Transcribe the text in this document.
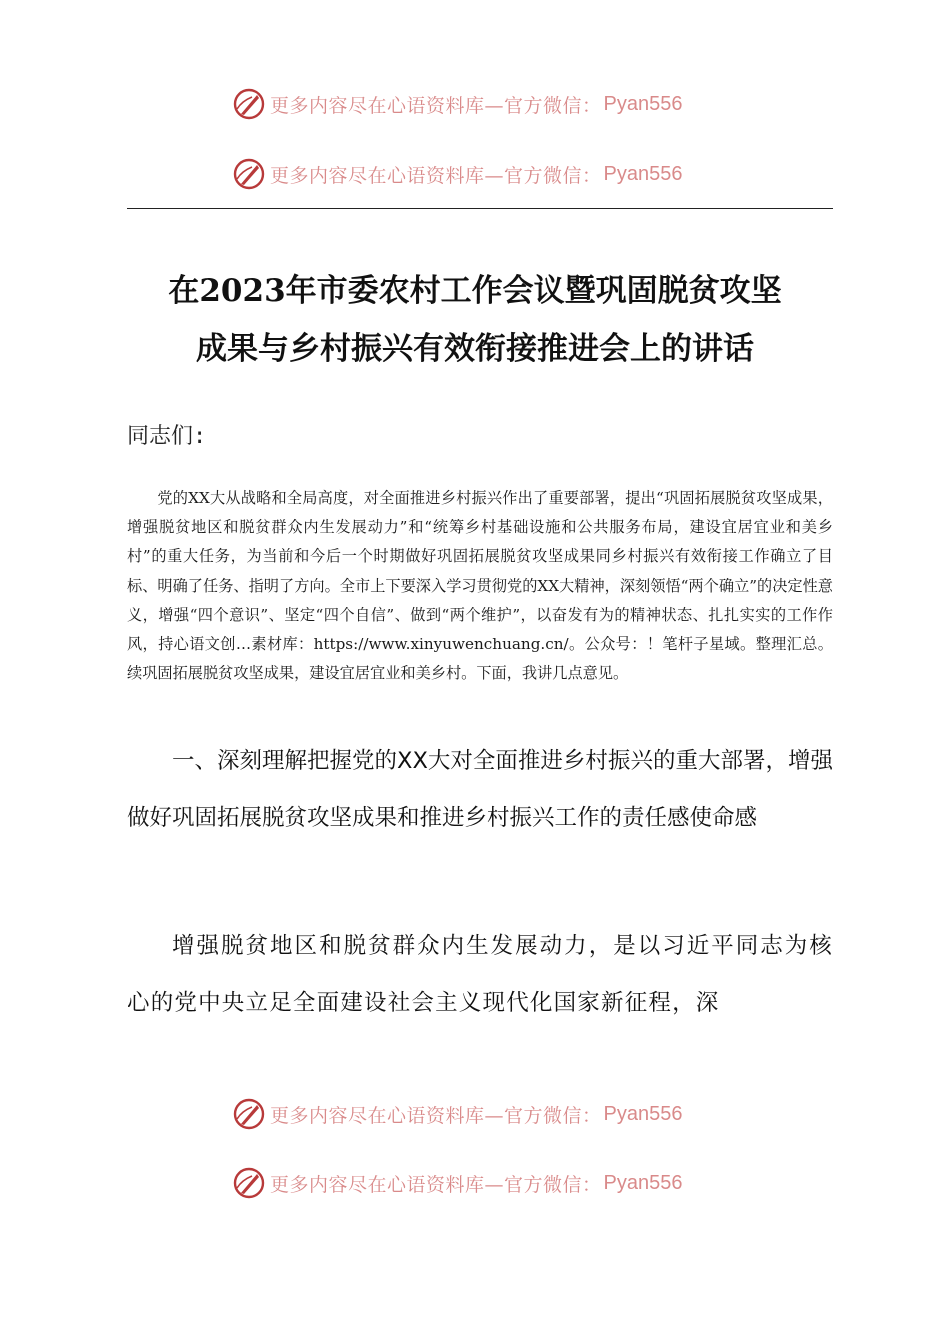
更多内容尽在心语资料库—官方微信： Pyan556
更多内容尽在心语资料库—官方微信： Pyan556
在2023年市委农村工作会议暨巩固脱贫攻坚
成果与乡村振兴有效衔接推进会上的讲话
同志们:

党的XX大从战略和全局高度，对全面推进乡村振兴作出了重要部署，提出“巩固拓展脱贫攻坚成果，增强脱贫地区和脱贫群众内生发展动力”和“统筹乡村基础设施和公共服务布局，建设宜居宜业和美乡村”的重大任务，为当前和今后一个时期做好巩固拓展脱贫攻坚成果同乡村振兴有效衔接工作确立了目标、明确了任务、指明了方向。全市上下要深入学习贯彻党的XX大精神，深刻领悟“两个确立”的决定性意义，增强“四个意识”、坚定“四个自信”、做到“两个维护”，以奋发有为的精神状态、扎扎实实的工作作风，持心语文创…素材库：https://www.xinyuwenchuang.cn/。公众号：！笔杆子星域。整理汇总。续巩固拓展脱贫攻坚成果，建设宜居宜业和美乡村。下面，我讲几点意见。

一、深刻理解把握党的XX大对全面推进乡村振兴的重大部署，增强做好巩固拓展脱贫攻坚成果和推进乡村振兴工作的责任感使命感

增强脱贫地区和脱贫群众内生发展动力，是以习近平同志为核心的党中央立足全面建设社会主义现代化国家新征程，深

更多内容尽在心语资料库—官方微信： Pyan556
更多内容尽在心语资料库—官方微信： Pyan556
